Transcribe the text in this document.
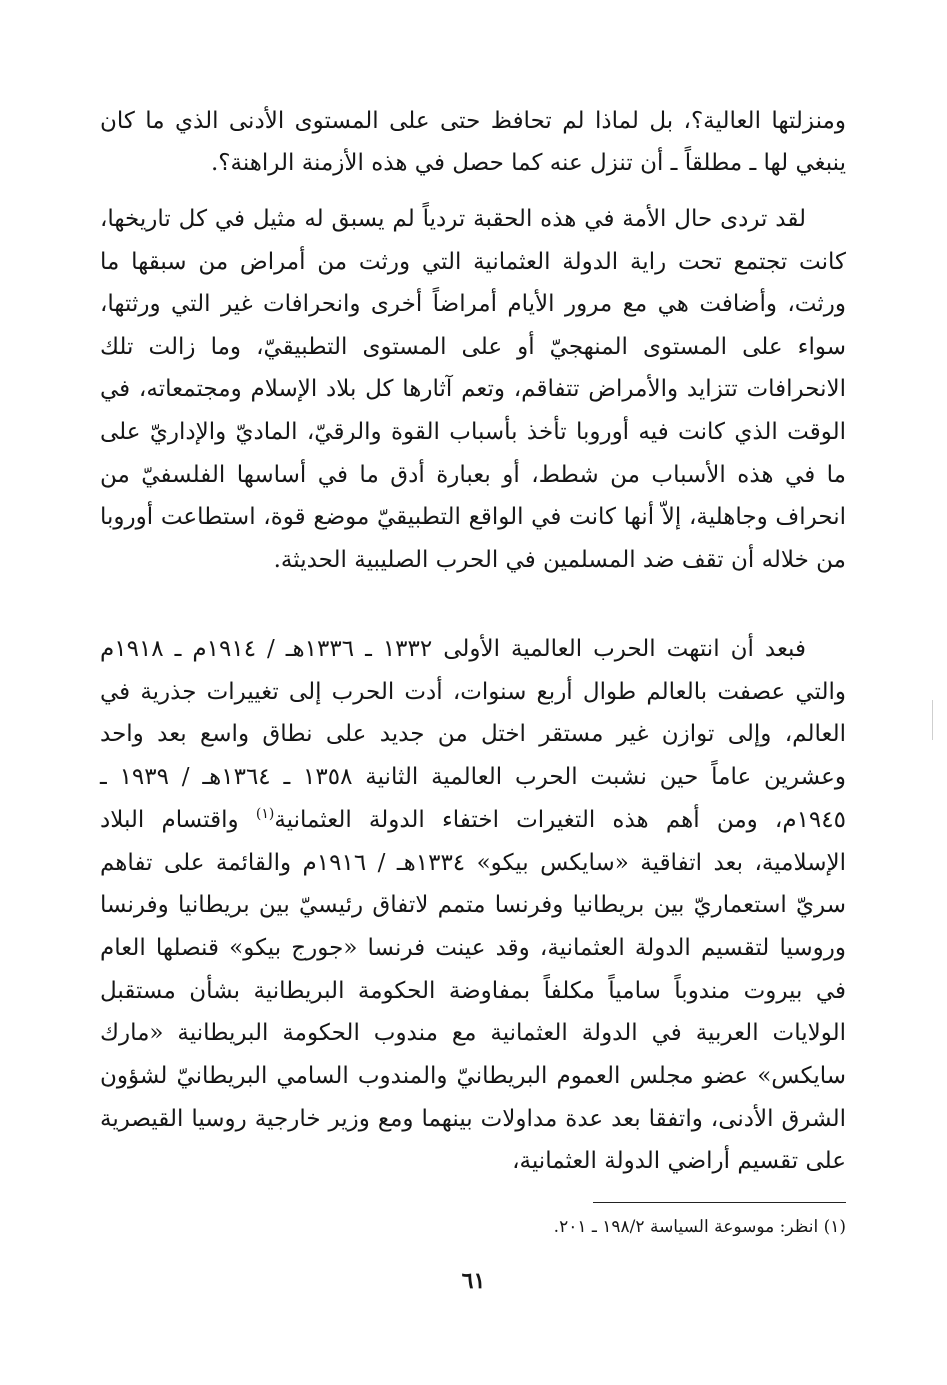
ومنزلتها العالية؟، بل لماذا لم تحافظ حتى على المستوى الأدنى الذي ما كان ينبغي لها ـ مطلقاً ـ أن تنزل عنه كما حصل في هذه الأزمنة الراهنة؟.

لقد تردى حال الأمة في هذه الحقبة تردياً لم يسبق له مثيل في كل تاريخها، كانت تجتمع تحت راية الدولة العثمانية التي ورثت من أمراض من سبقها ما ورثت، وأضافت هي مع مرور الأيام أمراضاً أخرى وانحرافات غير التي ورثتها، سواء على المستوى المنهجيّ أو على المستوى التطبيقيّ، وما زالت تلك الانحرافات تتزايد والأمراض تتفاقم، وتعم آثارها كل بلاد الإسلام ومجتمعاته، في الوقت الذي كانت فيه أوروبا تأخذ بأسباب القوة والرقيّ، الماديّ والإداريّ على ما في هذه الأسباب من شطط، أو بعبارة أدق ما في أساسها الفلسفيّ من انحراف وجاهلية، إلاّ أنها كانت في الواقع التطبيقيّ موضع قوة، استطاعت أوروبا من خلاله أن تقف ضد المسلمين في الحرب الصليبية الحديثة.

فبعد أن انتهت الحرب العالمية الأولى ١٣٣٢ ـ ١٣٣٦هـ / ١٩١٤م ـ ١٩١٨م والتي عصفت بالعالم طوال أربع سنوات، أدت الحرب إلى تغييرات جذرية في العالم، وإلى توازن غير مستقر اختل من جديد على نطاق واسع بعد واحد وعشرين عاماً حين نشبت الحرب العالمية الثانية ١٣٥٨ ـ ١٣٦٤هـ / ١٩٣٩ ـ ١٩٤٥م، ومن أهم هذه التغيرات اختفاء الدولة العثمانية$^{(١)}$ واقتسام البلاد الإسلامية، بعد اتفاقية «سايكس بيكو» ١٣٣٤هـ / ١٩١٦م والقائمة على تفاهم سريّ استعماريّ بين بريطانيا وفرنسا متمم لاتفاق رئيسيّ بين بريطانيا وفرنسا وروسيا لتقسيم الدولة العثمانية، وقد عينت فرنسا «جورج بيكو» قنصلها العام في بيروت مندوباً سامياً مكلفاً بمفاوضة الحكومة البريطانية بشأن مستقبل الولايات العربية في الدولة العثمانية مع مندوب الحكومة البريطانية «مارك سايكس» عضو مجلس العموم البريطانيّ والمندوب السامي البريطانيّ لشؤون الشرق الأدنى، واتفقا بعد عدة مداولات بينهما ومع وزير خارجية روسيا القيصرية على تقسيم أراضي الدولة العثمانية،

(١) انظر: موسوعة السياسة ١٩٨/٢ ـ ٢٠١.
٦١
